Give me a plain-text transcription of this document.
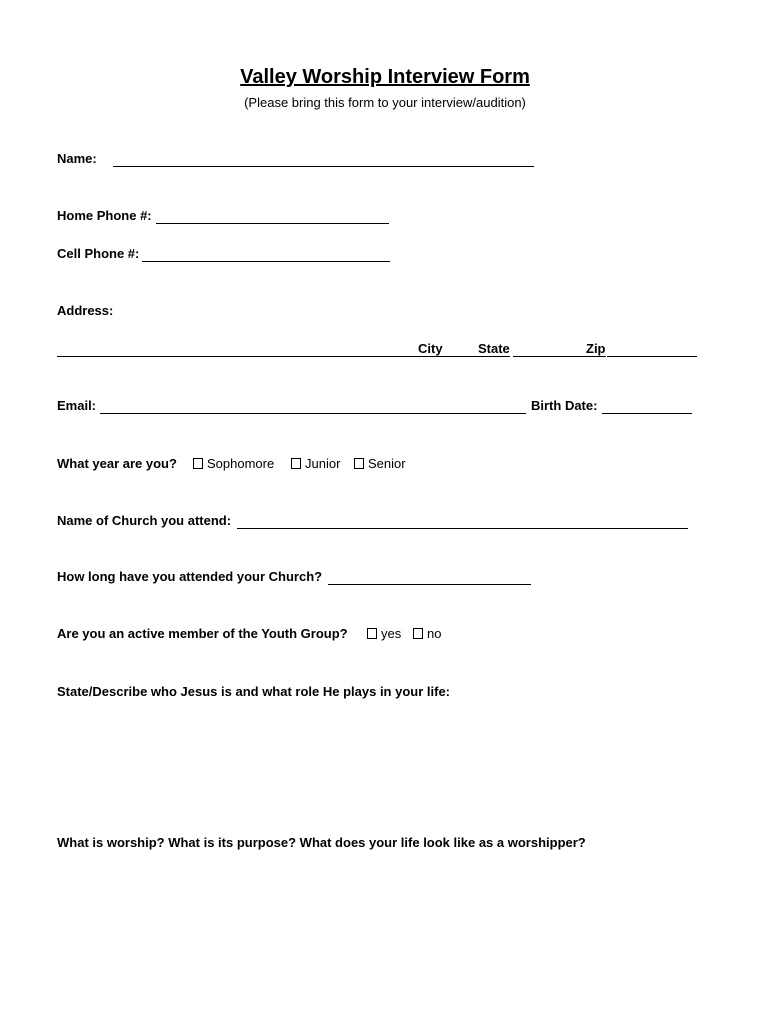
Valley Worship Interview Form
(Please bring this form to your interview/audition)
Name:
Home Phone #:
Cell Phone #:
Address:
City	State	Zip
Email:	Birth Date:
What year are you?	Sophomore	Junior	Senior
Name of Church you attend:
How long have you attended your Church?
Are you an active member of the Youth Group?	yes	no
State/Describe who Jesus is and what role He plays in your life:
What is worship? What is its purpose? What does your life look like as a worshipper?
